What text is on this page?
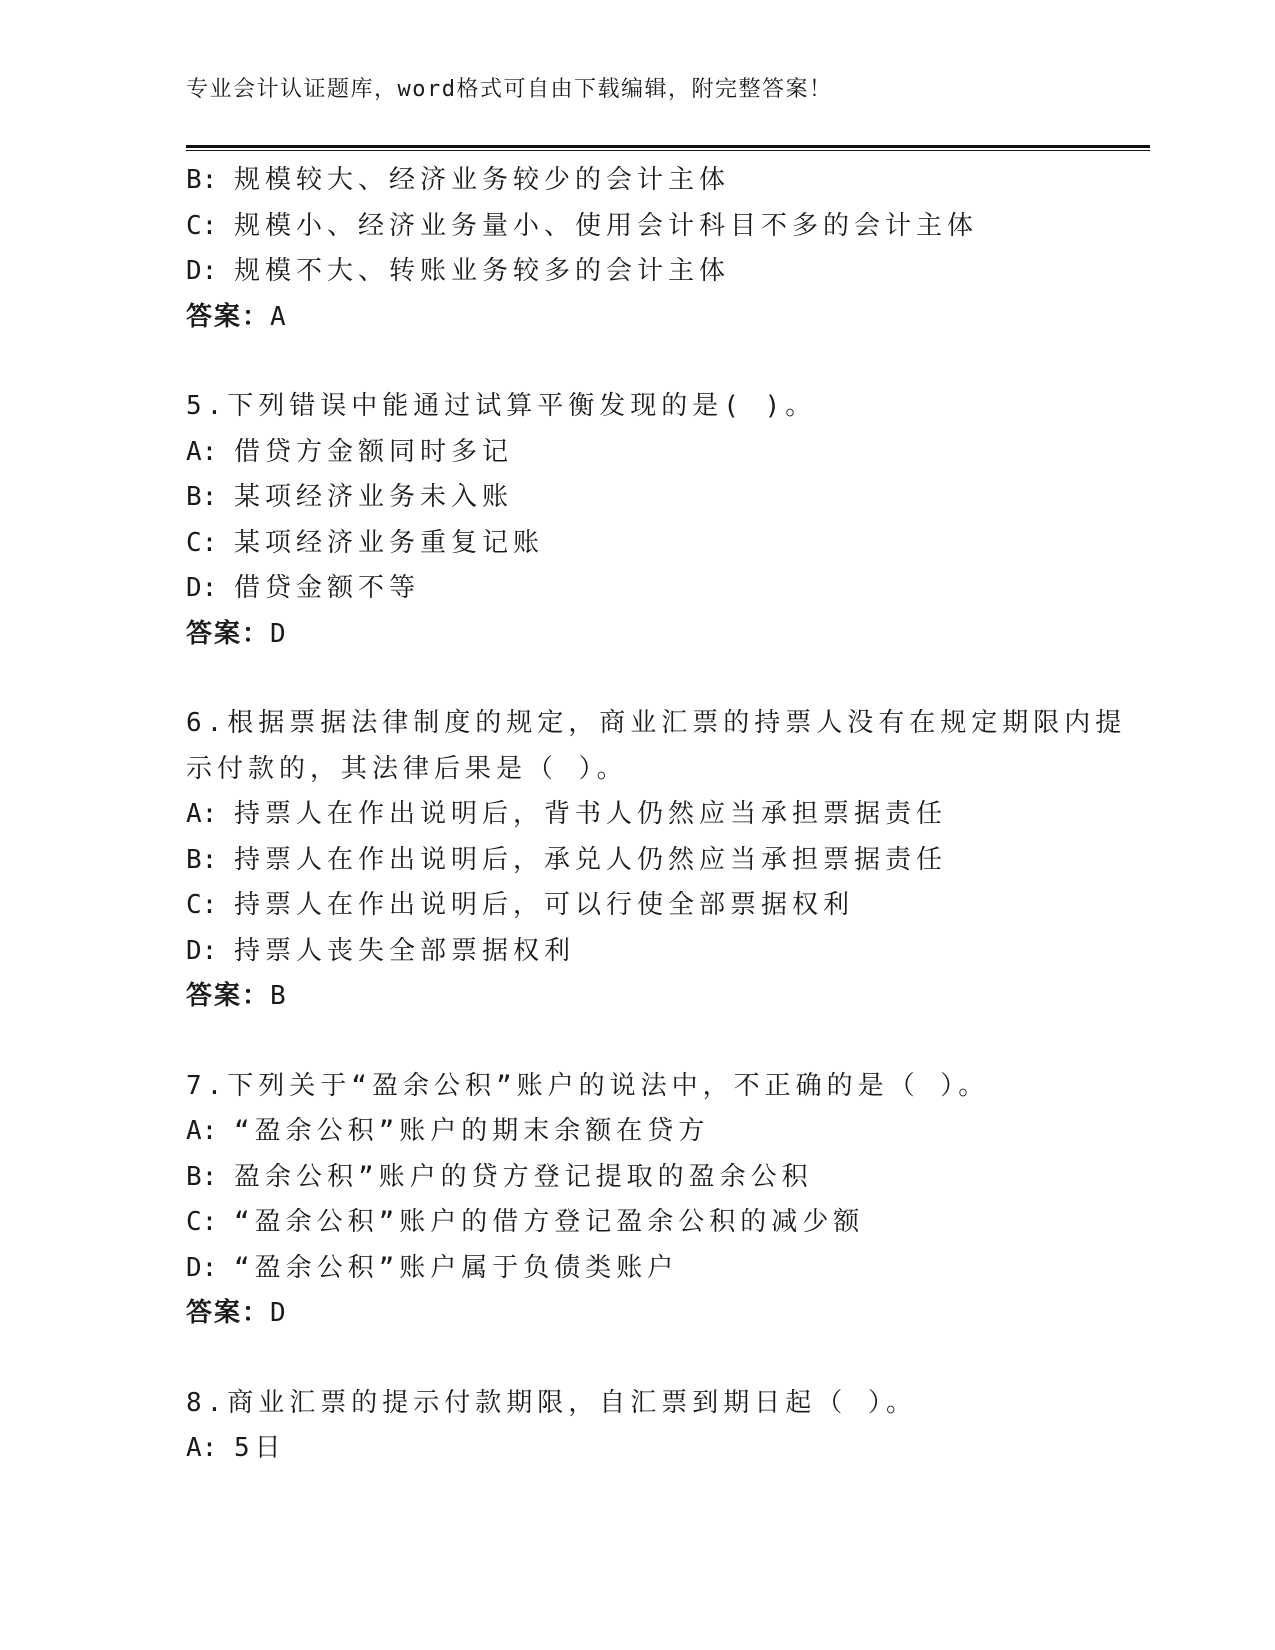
专业会计认证题库，word格式可自由下载编辑，附完整答案！
B: 规模较大、经济业务较少的会计主体
C: 规模小、经济业务量小、使用会计科目不多的会计主体
D: 规模不大、转账业务较多的会计主体
答案：A
5.下列错误中能通过试算平衡发现的是( )。
A: 借贷方金额同时多记
B: 某项经济业务未入账
C: 某项经济业务重复记账
D: 借贷金额不等
答案：D
6.根据票据法律制度的规定，商业汇票的持票人没有在规定期限内提
示付款的，其法律后果是（ ）。
A: 持票人在作出说明后，背书人仍然应当承担票据责任
B: 持票人在作出说明后，承兑人仍然应当承担票据责任
C: 持票人在作出说明后，可以行使全部票据权利
D: 持票人丧失全部票据权利
答案：B
7.下列关于“盈余公积”账户的说法中，不正确的是（ ）。
A: “盈余公积”账户的期末余额在贷方
B: 盈余公积”账户的贷方登记提取的盈余公积
C: “盈余公积”账户的借方登记盈余公积的减少额
D: “盈余公积”账户属于负债类账户
答案：D
8.商业汇票的提示付款期限，自汇票到期日起（ ）。
A: 5日
